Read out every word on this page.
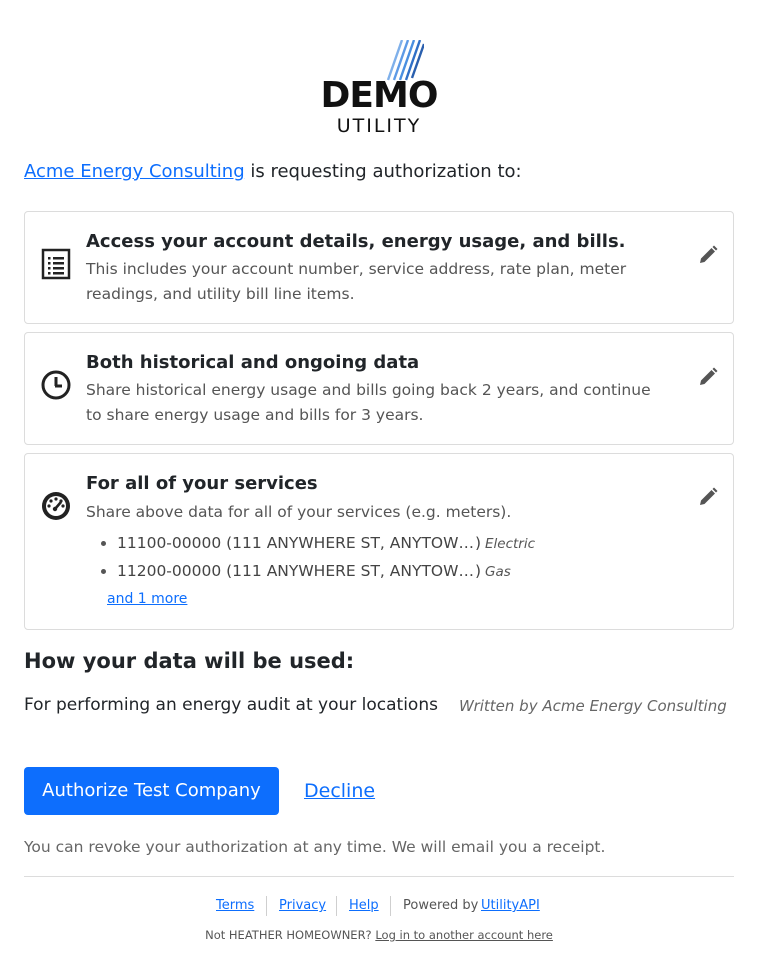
DEMO
UTILITY
Acme Energy Consulting is requesting authorization to:
Access your account details, energy usage, and bills.
This includes your account number, service address, rate plan, meter readings, and utility bill line items.
Both historical and ongoing data
Share historical energy usage and bills going back 2 years, and continue to share energy usage and bills for 3 years.
For all of your services
Share above data for all of your services (e.g. meters).
11100-00000 (111 ANYWHERE ST, ANYTOW… ) Electric
11200-00000 (111 ANYWHERE ST, ANYTOW… ) Gas
and 1 more
How your data will be used:
For performing an energy audit at your locations Written by Acme Energy Consulting
Authorize Test Company	Decline
You can revoke your authorization at any time. We will email you a receipt.
Terms Privacy Help Powered by UtilityAPI
Not HEATHER HOMEOWNER? Log in to another account here
